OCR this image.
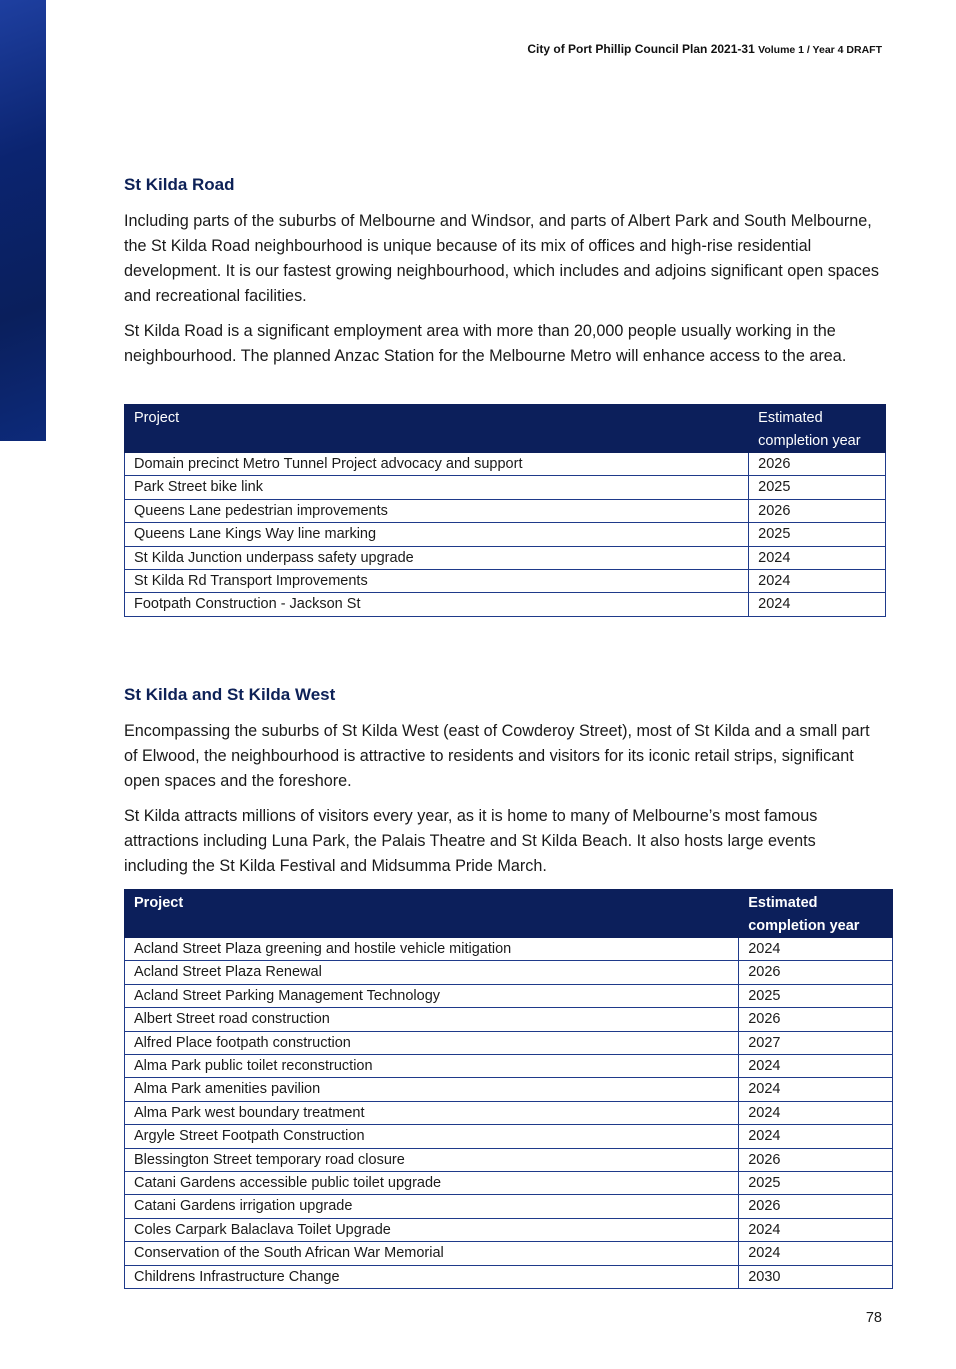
City of Port Phillip Council Plan 2021-31 Volume 1 / Year 4 DRAFT
St Kilda Road

Including parts of the suburbs of Melbourne and Windsor, and parts of Albert Park and South Melbourne, the St Kilda Road neighbourhood is unique because of its mix of offices and high-rise residential development. It is our fastest growing neighbourhood, which includes and adjoins significant open spaces and recreational facilities.

St Kilda Road is a significant employment area with more than 20,000 people usually working in the neighbourhood. The planned Anzac Station for the Melbourne Metro will enhance access to the area.

Project	Estimated completion year
Domain precinct Metro Tunnel Project advocacy and support	2026
Park Street bike link	2025
Queens Lane pedestrian improvements	2026
Queens Lane Kings Way line marking	2025
St Kilda Junction underpass safety upgrade	2024
St Kilda Rd Transport Improvements	2024
Footpath Construction - Jackson St	2024
St Kilda and St Kilda West

Encompassing the suburbs of St Kilda West (east of Cowderoy Street), most of St Kilda and a small part of Elwood, the neighbourhood is attractive to residents and visitors for its iconic retail strips, significant open spaces and the foreshore.

St Kilda attracts millions of visitors every year, as it is home to many of Melbourne’s most famous attractions including Luna Park, the Palais Theatre and St Kilda Beach. It also hosts large events including the St Kilda Festival and Midsumma Pride March.

Project	Estimated completion year
Acland Street Plaza greening and hostile vehicle mitigation	2024
Acland Street Plaza Renewal	2026
Acland Street Parking Management Technology	2025
Albert Street road construction	2026
Alfred Place footpath construction	2027
Alma Park public toilet reconstruction	2024
Alma Park amenities pavilion	2024
Alma Park west boundary treatment	2024
Argyle Street Footpath Construction	2024
Blessington Street temporary road closure	2026
Catani Gardens accessible public toilet upgrade	2025
Catani Gardens irrigation upgrade	2026
Coles Carpark Balaclava Toilet Upgrade	2024
Conservation of the South African War Memorial	2024
Childrens Infrastructure Change	2030
78
